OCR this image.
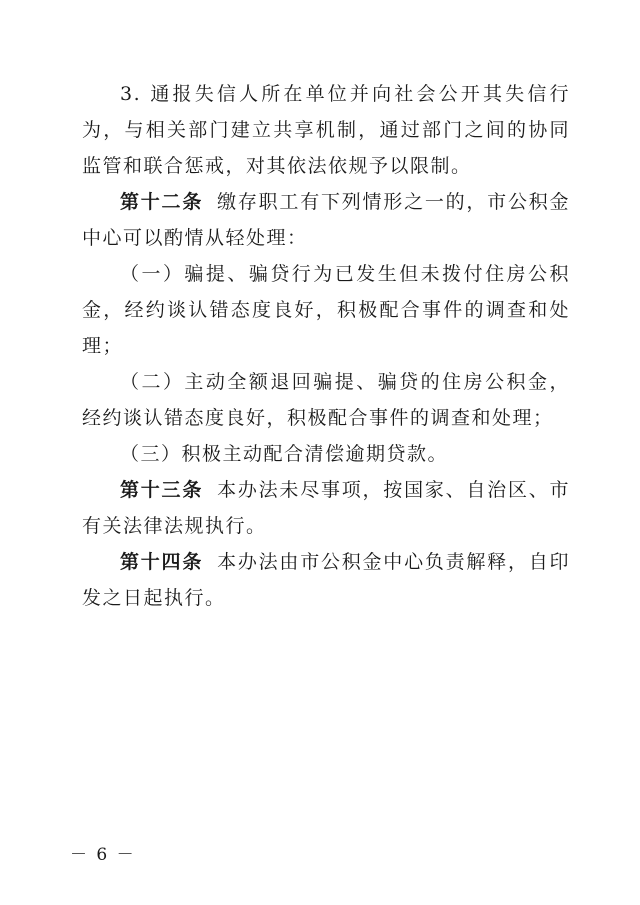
3. 通报失信人所在单位并向社会公开其失信行为，与相关部门建立共享机制，通过部门之间的协同监管和联合惩戒，对其依法依规予以限制。

第十二条 缴存职工有下列情形之一的，市公积金中心可以酌情从轻处理：

（一）骗提、骗贷行为已发生但未拨付住房公积金，经约谈认错态度良好，积极配合事件的调查和处理；

（二）主动全额退回骗提、骗贷的住房公积金，经约谈认错态度良好，积极配合事件的调查和处理；

（三）积极主动配合清偿逾期贷款。

第十三条 本办法未尽事项，按国家、自治区、市有关法律法规执行。

第十四条 本办法由市公积金中心负责解释，自印发之日起执行。

－ 6 －
